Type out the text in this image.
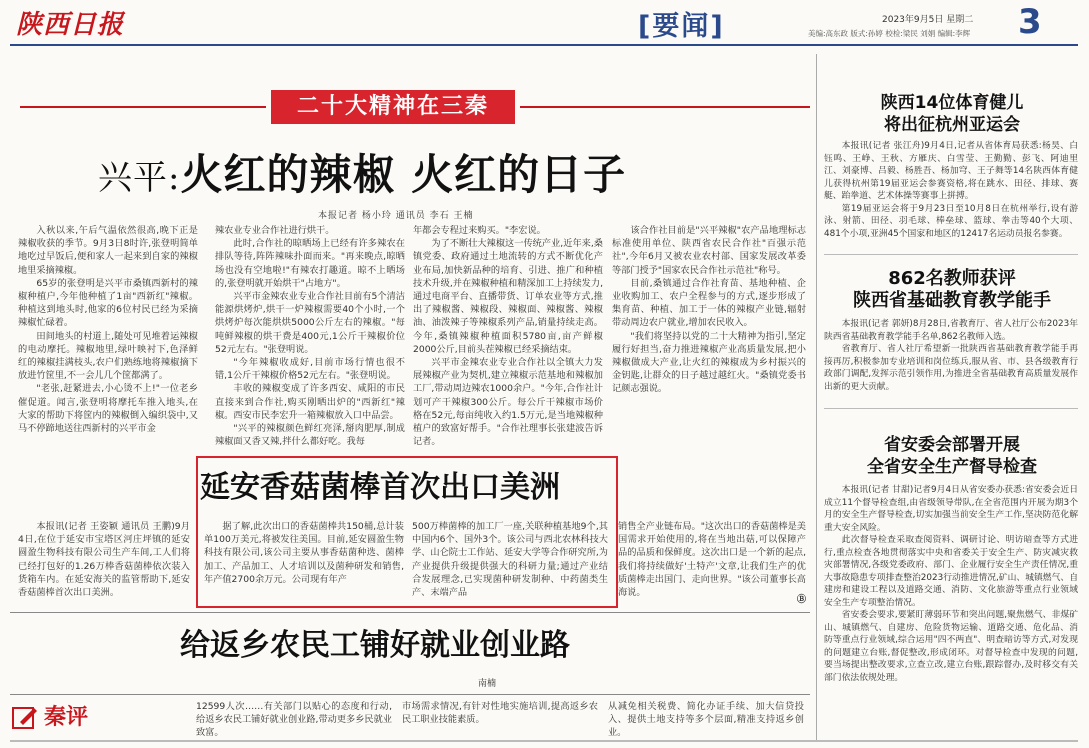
陕西日报	[要闻]	2023年9月5日 星期二
美编:高东政 版式:孙婷 校检:梁民 刘娟 编辑:李辉 3
二十大精神在三秦
兴平:火红的辣椒 火红的日子
本报记者 杨小玲 通讯员 李石 王楠

入秋以来,午后气温依然很高,晚下正是辣椒收获的季节。9月3日8时许,张登明简单地吃过早饭后,便和家人一起来到自家的辣椒地里采摘辣椒。

65岁的张登明是兴平市桑镇西新村的辣椒种植户,今年他种植了1亩"西新红"辣椒。种植这到地头时,他家的6位村民已经为采摘辣椒忙碌着。

田间地头的村道上,随处可见堆着运辣椒的电动摩托。辣椒地里,绿叶映衬下,色泽鲜红的辣椒挂满枝头,农户们熟练地将辣椒摘下放进竹筐里,不一会儿几个筐都满了。

"老张,赶紧进去,小心烫不上!"一位老乡催促道。闻言,张登明将摩托车推入地头,在大家的帮助下将筐内的辣椒倒入编织袋中,又马不停蹄地送往西新村的兴平市金

辣农业专业合作社进行烘干。

此时,合作社的晾晒场上已经有许多辣农在排队等待,阵阵辣味扑面而来。"再来晚点,晾晒场也没有空地啦!"有辣农打趣道。晾不上晒场的,张登明就开始烘干"占地方"。

兴平市金辣农业专业合作社目前有5个清洁能源烘烤炉,烘干一炉辣椒需要40个小时,一个烘烤炉每次能烘烘5000公斤左右的辣椒。"每吨鲜辣椒的烘干费是400元,1公斤干辣椒价位52元左右。"张登明说。

"今年辣椒收成好,目前市场行情也很不错,1公斤干辣椒价格52元左右。"张登明说。

丰收的辣椒变成了许多西安、咸阳的市民直接来到合作社,购买刚晒出炉的"西新红"辣椒。西安市民李宏升一箱辣椒放入口中品尝。

"兴平的辣椒颜色鲜红亮泽,掰肉肥厚,制成辣椒面又香又辣,拌什么都好吃。我每

年都会专程过来购买。"李宏说。

为了不断壮大辣椒这一传统产业,近年来,桑镇党委、政府通过土地流转的方式不断优化产业布局,加快新品种的培育、引进、推广和种植技术升级,并在辣椒种植和精深加工上持续发力,通过电商平台、直播带货、订单农业等方式,推出了辣椒酱、辣椒段、辣椒面、辣椒酱、辣椒油、油泼辣子等辣椒系列产品,销量持续走高。今年,桑镇辣椒种植面积5780亩,亩产鲜椒2000公斤,目前头茬辣椒已经采摘结束。

兴平市金辣农业专业合作社以全镇大力发展辣椒产业为契机,建立辣椒示范基地和辣椒加工厂,带动周边辣农1000余户。"今年,合作社计划可产干辣椒300公斤。每公斤干辣椒市场价格在52元,每亩纯收入约1.5万元,是当地辣椒种植户的致富好帮手。"合作社理事长张建波告诉记者。

该合作社目前是"兴平辣椒"农产品地理标志标准使用单位、陕西省农民合作社"百强示范社",今年6月又被农业农村部、国家发展改革委等部门授予"国家农民合作社示范社"称号。

目前,桑镇通过合作社育苗、基地种植、企业收购加工、农户全程参与的方式,逐步形成了集育苗、种植、加工于一体的辣椒产业链,辐射带动周边农户就业,增加农民收入。

"我们将坚持以党的二十大精神为指引,坚定履行好担当,奋力推进辣椒产业高质量发展,把小辣椒做成大产业,让火红的辣椒成为乡村振兴的金钥匙,让群众的日子越过越红火。"桑镇党委书记颜志强说。

延安香菇菌棒首次出口美洲

本报讯(记者 王姿颖 通讯员 王鹏)9月4日,在位于延安市宝塔区河庄坪镇的延安圆盈生物科技有限公司生产车间,工人们将已经打包好的1.26万棒香菇菌棒依次装入货箱车内。在延安海关的监管帮助下,延安香菇菌棒首次出口美洲。

据了解,此次出口的香菇菌棒共150桶,总计装单100万美元,将被发往美国。目前,延安圆盈生物科技有限公司,该公司主要从事香菇菌种选、菌棒加工、产品加工、人才培训以及菌种研发和销售,年产值2700余万元。公司现有年产

500万棒菌棒的加工厂一座,关联种植基地9个,其中国内6个、国外3个。该公司与西北农林科技大学、山仑院士工作站、延安大学等合作研究所,为产业提供升级提供强大的科研力量;通过产业结合发展理念,已实现菌种研发制种、中药菌类生产、末端产品

销售全产业链布局。"这次出口的香菇菌棒是美国需求开始使用的,将在当地出菇,可以保障产品的品质和保鲜度。这次出口是一个新的起点,我们将持续做好'土特产'文章,让我们生产的优质菌棒走出国门、走向世界。"该公司董事长高海说。

Ⓑ
给返乡农民工铺好就业创业路
南楠
秦评	12599人次……有关部门以贴心的态度和行动,给返乡农民工铺好就业创业路,带动更多乡民就业致富。

市场需求情况,有针对性地实施培训,提高返乡农民工职业技能素质。

从减免相关税费、简化办证手续、加大信贷投入、提供土地支持等多个层面,精准支持返乡创业。

陕西14位体育健儿
将出征杭州亚运会

本报讯(记者 张江舟)9月4日,记者从省体育局获悉:杨昊、白钰鸣、王峥、王秋、方雁庆、白雪莹、王勤勤、彭飞、阿迪里江、刘豪博、吕毅、杨胜吾、杨加穹、王子舞等14名陕西体育健儿获得杭州第19届亚运会参赛资格,将在跳水、田径、排球、赛艇、跆拳道、艺术体操等赛事上拼搏。

第19届亚运会将于9月23日至10月8日在杭州举行,设有游泳、射箭、田径、羽毛球、棒垒球、篮球、拳击等40个大项、481个小项,亚洲45个国家和地区的12417名运动员报名参赛。

862名教师获评
陕西省基础教育教学能手

本报讯(记者 郭妍)8月28日,省教育厅、省人社厅公布2023年陕西省基础教育教学能手名单,862名教师入选。

省教育厅、省人社厅希望新一批陕西省基础教育教学能手再接再厉,积极参加专业培训和岗位练兵,服从省、市、县各级教育行政部门调配,发挥示范引领作用,为推进全省基础教育高质量发展作出新的更大贡献。

省安委会部署开展
全省安全生产督导检查

本报讯(记者 甘甜)记者9月4日从省安委办获悉:省安委会近日成立11个督导检查组,由省级领导带队,在全省范围内开展为期3个月的安全生产督导检查,切实加强当前安全生产工作,坚决防范化解重大安全风险。

此次督导检查采取查阅资料、调研讨论、明访暗查等方式进行,重点检查各地贯彻落实中央和省委关于安全生产、防灾减灾救灾部署情况,各级党委政府、部门、企业履行安全生产责任情况,重大事故隐患专项排查整治2023行动推进情况,矿山、城镇燃气、自建房和建设工程以及道路交通、消防、文化旅游等重点行业领域安全生产专项整治情况。

省安委会要求,要紧盯薄弱环节和突出问题,聚焦燃气、非煤矿山、城镇燃气、自建房、危险货物运输、道路交通、危化品、消防等重点行业领域,综合运用"四不两直"、明查暗访等方式,对发现的问题建立台账,督促整改,形成闭环。对督导检查中发现的问题,要当场提出整改要求,立查立改,建立台账,跟踪督办,及时移交有关部门依法依规处理。
